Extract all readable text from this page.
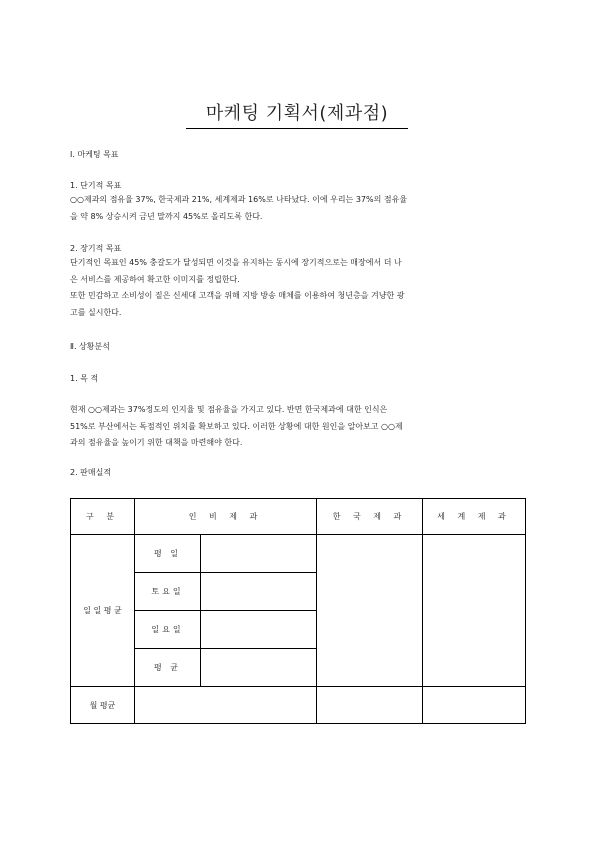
마케팅 기획서(제과점)
Ⅰ. 마케팅 목표
1. 단기적 목표
○○제과의 점유율 37%, 한국제과 21%, 세계제과 16%로 나타났다. 이에 우리는 37%의 점유율
을 약 8% 상승시켜 금년 말까지 45%로 올리도록 한다.
2. 장기적 목표
단기적인 목표인 45% 충갈도가 달성되면 이것을 유지하는 동시에 장기적으로는 매장에서 더 나
은 서비스를 제공하여 확고한 이미지를 정립한다.
또한 민감하고 소비성이 짙은 신세대 고객을 위해 지방 방송 매체를 이용하여 청년층을 겨냥한 광
고를 실시한다.
Ⅱ. 상황분석
1. 목 적
현재 ○○제과는 37%정도의 인지율 및 점유율을 가지고 있다. 반면 한국제과에 대한 인식은
51%로 부산에서는 독점적인 위치를 확보하고 있다. 이러한 상황에 대한 원인을 알아보고 ○○제
과의 점유율을 높이기 위한 대책을 마련해야 한다.
2. 판매실적
구 분	인 비 제 과		한 국 제 과	세 계 제 과
일 일 평 균	평 일			
	토요일			
	일요일			
	평 균			
월 평균				
